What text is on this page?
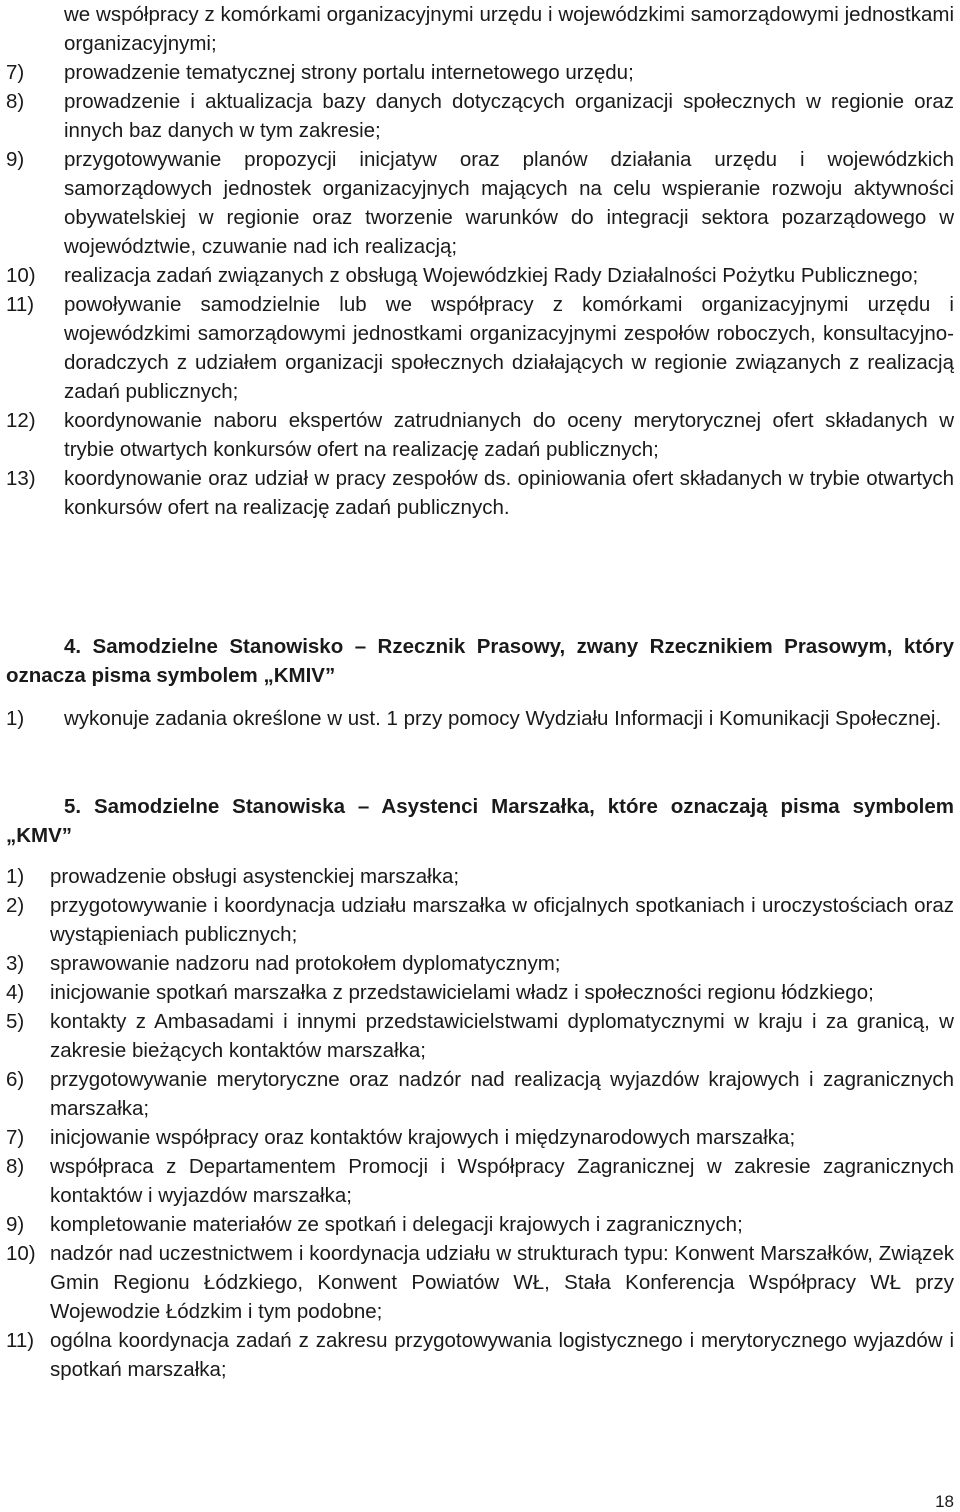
we współpracy z komórkami organizacyjnymi urzędu i wojewódzkimi samorządowymi jednostkami organizacyjnymi;
7)	prowadzenie tematycznej strony portalu internetowego urzędu;
8)	prowadzenie i aktualizacja bazy danych dotyczących organizacji społecznych w regionie oraz innych baz danych w tym zakresie;
9)	przygotowywanie propozycji inicjatyw oraz planów działania urzędu i wojewódzkich samorządowych jednostek organizacyjnych mających na celu wspieranie rozwoju aktywności obywatelskiej w regionie oraz tworzenie warunków do integracji sektora pozarządowego w województwie, czuwanie nad ich realizacją;
10)	realizacja zadań związanych z obsługą Wojewódzkiej Rady Działalności Pożytku Publicznego;
11)	powoływanie samodzielnie lub we współpracy z komórkami organizacyjnymi urzędu i wojewódzkimi samorządowymi jednostkami organizacyjnymi zespołów roboczych, konsultacyjno-doradczych z udziałem organizacji społecznych działających w regionie związanych z realizacją zadań publicznych;
12)	koordynowanie naboru ekspertów zatrudnianych do oceny merytorycznej ofert składanych w trybie otwartych konkursów ofert na realizację zadań publicznych;
13)	koordynowanie oraz udział w pracy zespołów ds. opiniowania ofert składanych w trybie otwartych konkursów ofert na realizację zadań publicznych.
4. Samodzielne Stanowisko – Rzecznik Prasowy, zwany Rzecznikiem Prasowym, który oznacza pisma symbolem „KMIV”
1)	wykonuje zadania określone w ust. 1 przy pomocy Wydziału Informacji i Komunikacji Społecznej.
5. Samodzielne Stanowiska – Asystenci Marszałka, które oznaczają pisma symbolem „KMV”
1)	prowadzenie obsługi asystenckiej marszałka;
2)	przygotowywanie i koordynacja udziału marszałka w oficjalnych spotkaniach i uroczystościach oraz wystąpieniach publicznych;
3)	sprawowanie nadzoru nad protokołem dyplomatycznym;
4)	inicjowanie spotkań marszałka z przedstawicielami władz i społeczności regionu łódzkiego;
5)	kontakty z Ambasadami i innymi przedstawicielstwami dyplomatycznymi w kraju i za granicą, w zakresie bieżących kontaktów marszałka;
6)	przygotowywanie merytoryczne oraz nadzór nad realizacją wyjazdów krajowych i zagranicznych marszałka;
7)	inicjowanie współpracy oraz kontaktów krajowych i międzynarodowych marszałka;
8)	współpraca z Departamentem Promocji i Współpracy Zagranicznej w zakresie zagranicznych kontaktów i wyjazdów marszałka;
9)	kompletowanie materiałów ze spotkań i delegacji krajowych i zagranicznych;
10) nadzór nad uczestnictwem i koordynacja udziału w strukturach typu: Konwent Marszałków, Związek Gmin Regionu Łódzkiego, Konwent Powiatów WŁ, Stała Konferencja Współpracy WŁ przy Wojewodzie Łódzkim i tym podobne;
11) ogólna koordynacja zadań z zakresu przygotowywania logistycznego i merytorycznego wyjazdów i spotkań marszałka;
18
